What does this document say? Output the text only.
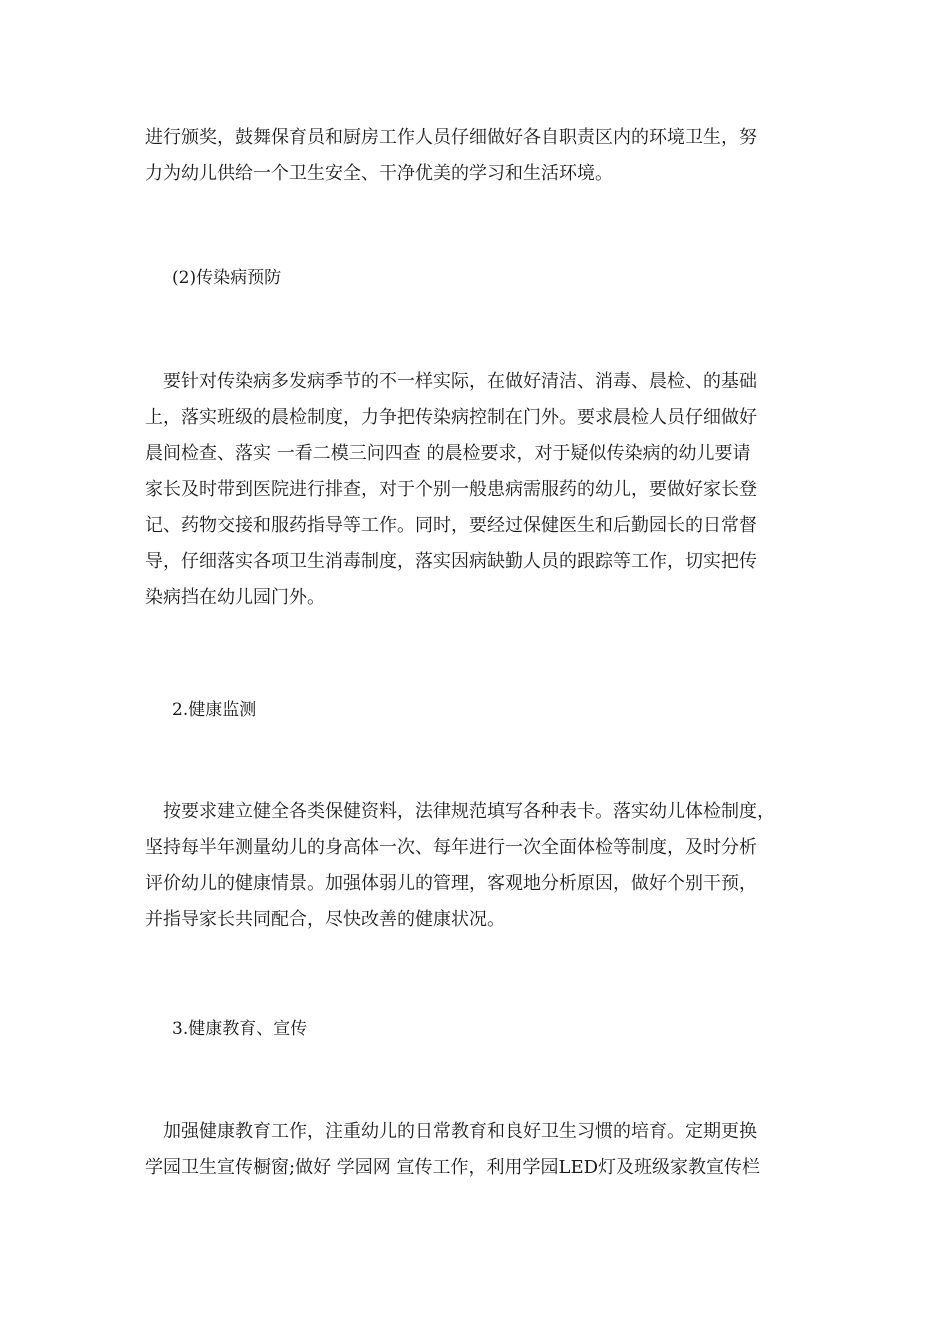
进行颁奖，鼓舞保育员和厨房工作人员仔细做好各自职责区内的环境卫生，努
力为幼儿供给一个卫生安全、干净优美的学习和生活环境。
(2)传染病预防
　要针对传染病多发病季节的不一样实际，在做好清洁、消毒、晨检、的基础
上，落实班级的晨检制度，力争把传染病控制在门外。要求晨检人员仔细做好
晨间检查、落实 一看二模三问四查 的晨检要求，对于疑似传染病的幼儿要请
家长及时带到医院进行排查，对于个别一般患病需服药的幼儿，要做好家长登
记、药物交接和服药指导等工作。同时，要经过保健医生和后勤园长的日常督
导，仔细落实各项卫生消毒制度，落实因病缺勤人员的跟踪等工作，切实把传
染病挡在幼儿园门外。
2.健康监测
　按要求建立健全各类保健资料，法律规范填写各种表卡。落实幼儿体检制度，
坚持每半年测量幼儿的身高体一次、每年进行一次全面体检等制度，及时分析
评价幼儿的健康情景。加强体弱儿的管理，客观地分析原因，做好个别干预，
并指导家长共同配合，尽快改善的健康状况。
3.健康教育、宣传
　加强健康教育工作，注重幼儿的日常教育和良好卫生习惯的培育。定期更换
学园卫生宣传橱窗;做好 学园网 宣传工作，利用学园LED灯及班级家教宣传栏
